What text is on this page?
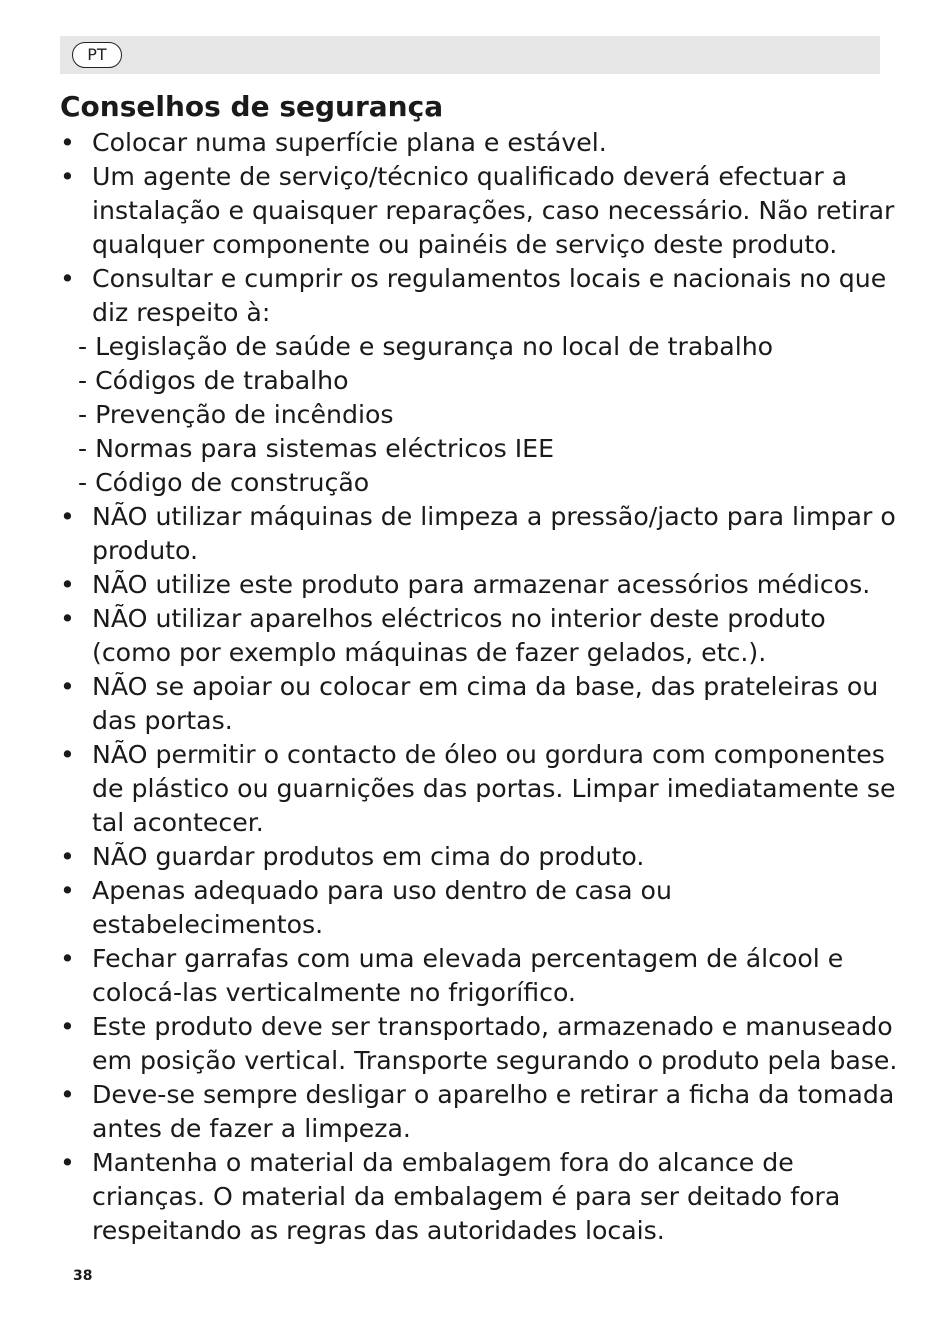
PT
Conselhos de segurança
• Colocar numa superfície plana e estável.
• Um agente de serviço/técnico qualificado deverá efectuar a instalação e quaisquer reparações, caso necessário. Não retirar qualquer componente ou painéis de serviço deste produto.
• Consultar e cumprir os regulamentos locais e nacionais no que diz respeito à:
- Legislação de saúde e segurança no local de trabalho
- Códigos de trabalho
- Prevenção de incêndios
- Normas para sistemas eléctricos IEE
- Código de construção
• NÃO utilizar máquinas de limpeza a pressão/jacto para limpar o produto.
• NÃO utilize este produto para armazenar acessórios médicos.
• NÃO utilizar aparelhos eléctricos no interior deste produto (como por exemplo máquinas de fazer gelados, etc.).
• NÃO se apoiar ou colocar em cima da base, das prateleiras ou das portas.
• NÃO permitir o contacto de óleo ou gordura com componentes de plástico ou guarnições das portas. Limpar imediatamente se tal acontecer.
• NÃO guardar produtos em cima do produto.
• Apenas adequado para uso dentro de casa ou estabelecimentos.
• Fechar garrafas com uma elevada percentagem de álcool e colocá-las verticalmente no frigorífico.
• Este produto deve ser transportado, armazenado e manuseado em posição vertical. Transporte segurando o produto pela base.
• Deve-se sempre desligar o aparelho e retirar a ficha da tomada antes de fazer a limpeza.
• Mantenha o material da embalagem fora do alcance de crianças. O material da embalagem é para ser deitado fora respeitando as regras das autoridades locais.
38
